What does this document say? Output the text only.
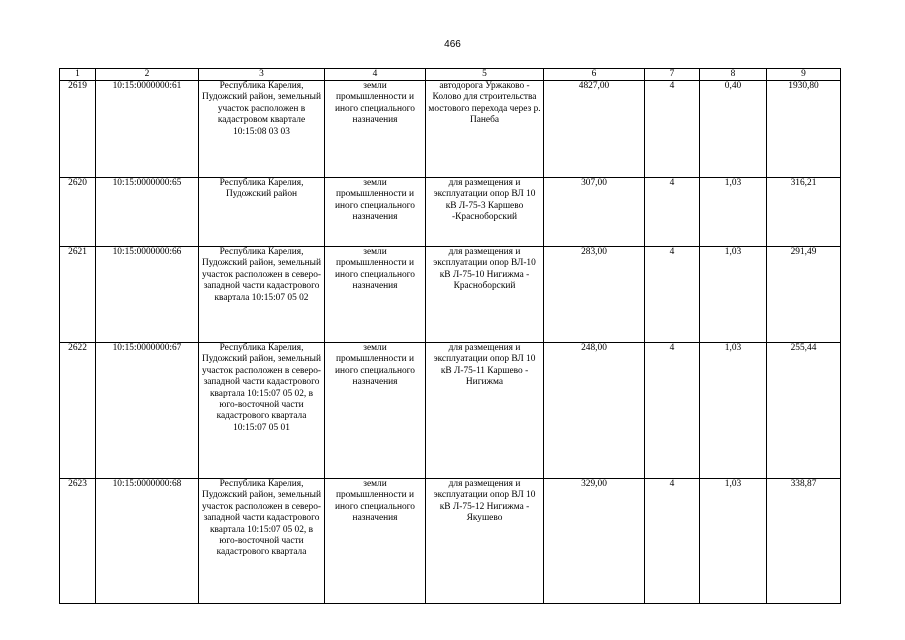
466
1	2	3	4	5	6	7	8	9
2619	10:15:0000000:61	Республика Карелия, Пудожский район, земельный участок расположен в кадастровом квартале 10:15:08 03 03	земли промышленности и иного специального назначения	автодорога Уржаково - Колово для строительства мостового перехода через р. Панеба	4827,00	4	0,40	1930,80
2620	10:15:0000000:65	Республика Карелия, Пудожский район	земли промышленности и иного специального назначения	для размещения и эксплуатации опор ВЛ 10 кВ Л-75-3 Каршево -Красноборский	307,00	4	1,03	316,21
2621	10:15:0000000:66	Республика Карелия, Пудожский район, земельный участок расположен в северо-западной части кадастрового квартала 10:15:07 05 02	земли промышленности и иного специального назначения	для размещения и эксплуатации опор ВЛ-10 кВ Л-75-10 Нигижма - Красноборский	283,00	4	1,03	291,49
2622	10:15:0000000:67	Республика Карелия, Пудожский район, земельный участок расположен в северо-западной части кадастрового квартала 10:15:07 05 02, в юго-восточной части кадастрового квартала 10:15:07 05 01	земли промышленности и иного специального назначения	для размещения и эксплуатации опор ВЛ 10 кВ Л-75-11 Каршево - Нигижма	248,00	4	1,03	255,44
2623	10:15:0000000:68	Республика Карелия, Пудожский район, земельный участок расположен в северо-западной части кадастрового квартала 10:15:07 05 02, в юго-восточной части кадастрового квартала	земли промышленности и иного специального назначения	для размещения и эксплуатации опор ВЛ 10 кВ Л-75-12 Нигижма - Якушево	329,00	4	1,03	338,87
